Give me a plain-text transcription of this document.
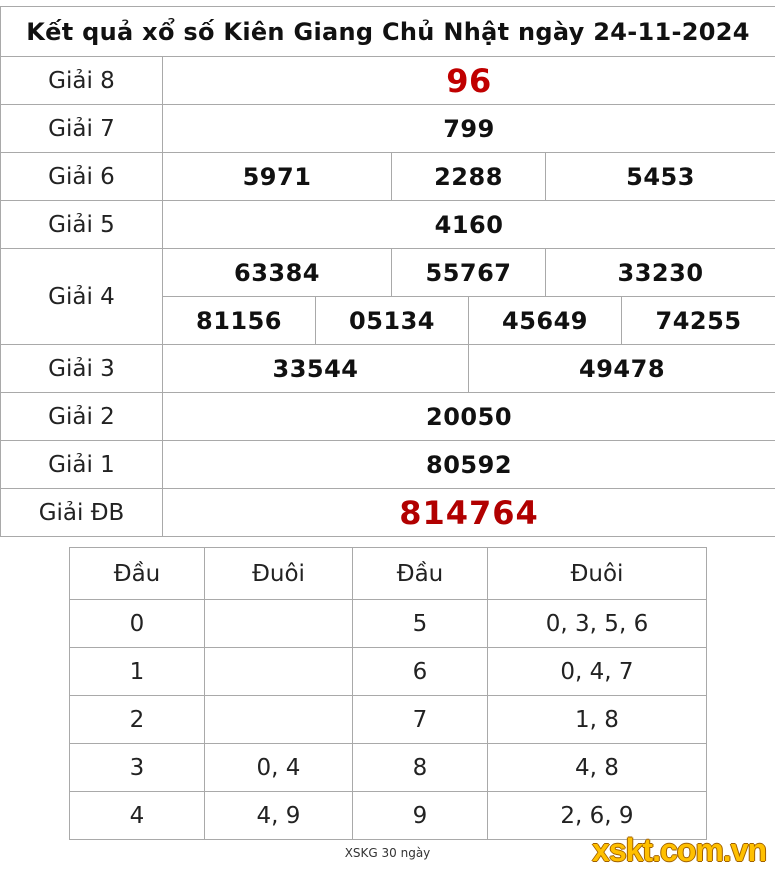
Kết quả xổ số Kiên Giang Chủ Nhật ngày 24-11-2024						
Giải 8	96					
Giải 7	799					
Giải 6	5971		2288		5453	
Giải 5	4160					
Giải 4	63384		55767		33230	
	81156	05134		45649		74255
Giải 3	33544			49478		
Giải 2	20050					
Giải 1	80592					
Giải ĐB	814764					
Đầu	Đuôi	Đầu	Đuôi
0		5	0, 3, 5, 6
1		6	0, 4, 7
2		7	1, 8
3	0, 4	8	4, 8
4	4, 9	9	2, 6, 9
XSKG 30 ngày	xskt.com.vn
